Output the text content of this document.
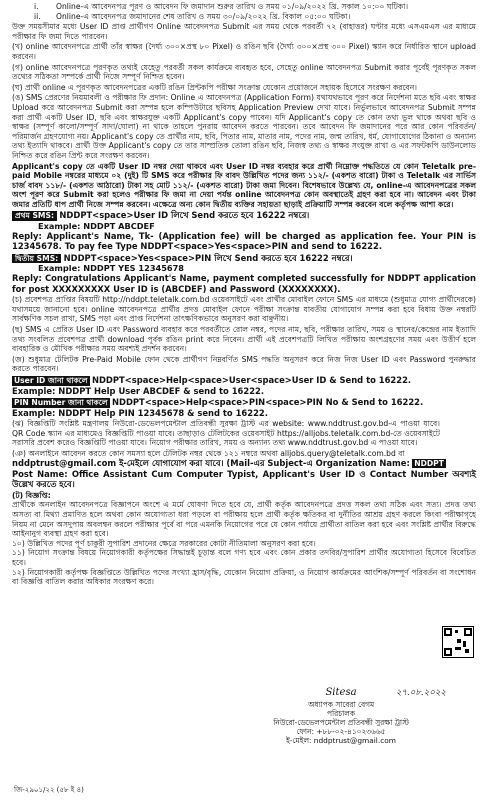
i.	Online-এ আবেদনপত্র পূরণ ও আবেদন ফি জমাদান শুরুর তারিখ ও সময় ০১/০৯/২০২২ খ্রি. সকাল ১০:০০ ঘটিকা।
ii.	Online-এ আবেদনপত্র জমাদানের শেষ তারিখ ও সময় ৩০/০৯/২০২২ খ্রি. বিকাল ০৫:০০ ঘটিকা।

উক্ত সময়সীমার মধ্যে User ID প্রাপ্ত প্রার্থীগণ Online আবেদনপত্র Submit এর সময় থেকে পরবর্তী ৭২ (বাহাত্তর) ঘণ্টার মধ্যে এসএমএস এর মাধ্যমে পরীক্ষার ফি জমা দিতে পারবেন।

(খ) online আবেদনপত্রে প্রার্থী তাঁর স্বাক্ষর (দৈর্ঘ্য ৩০০×প্রস্থ ৮০ Pixel) ও রঙিন ছবি (দৈর্ঘ্য ৩০০×প্রস্থ ৩০০ Pixel) স্ক্যান করে নির্ধারিত স্থানে upload করবেন।

(গ) online আবেদনপত্রে পূরণকৃত তথ্যই যেহেতু পরবর্তী সকল কার্যক্রমে ব্যবহৃত হবে, সেহেতু online আবেদনপত্র Submit করার পূর্বেই পূরণকৃত সকল তথ্যের সঠিকতা সম্পর্কে প্রার্থী নিজে সম্পূর্ণ নিশ্চিত হবেন।

(ঘ) প্রার্থী online এ পূরণকৃত আবেদনপত্রের একটি রঙিন প্রিন্টকপি পরীক্ষা সংক্রান্ত যেকোন প্রয়োজনে সহায়ক হিসেবে সংরক্ষণ করবেন।

(ঙ) SMS প্রেরণের নিয়মাবলী ও পরীক্ষার ফি প্রদান: Online এ আবেদনপত্র (Application Form) যথাযথভাবে পূরণ করে নির্দেশনা মতে ছবি এবং স্বাক্ষর Upload করে আবেদনপত্র Submit করা সম্পন্ন হলে কম্পিউটারে ছবিসহ Application Preview দেখা যাবে। নির্ভুলভাবে আবেদনপত্র Submit সম্পন্ন করা প্রার্থী একটি User ID, ছবি এবং স্বাক্ষরযুক্ত একটি Applicant's copy পাবেন। যদি Applicant's copy তে কোন তথ্য ভুল থাকে অথবা ছবি ও স্বাক্ষর (সম্পূর্ণ কালো/সম্পূর্ণ সাদা/ঘোলা) না থাকে তাহলে পুনরায় আবেদন করতে পারবেন। তবে আবেদন ফি জমাদানের পরে আর কোন পরিবর্তন/পরিমার্জন গ্রহণযোগ্য নয়। Applicant's copy তে প্রার্থীর নাম, ছবি, পিতার নাম, মাতার নাম, পদের নাম, জন্ম তারিখ, ধর্ম, যোগাযোগের ঠিকানা ও অন্যান্য তথ্য ইত্যাদি থাকবে। প্রার্থী উক্ত Applicant's copy তে তার সাম্প্রতিক তোলা রঙিন ছবি, নিজস্ব তথ্য ও স্বাক্ষর সংযুক্ত রাখা ও এর সফটকপি ডাউনলোড নিশ্চিত করে রঙিন প্রিন্ট করে সংরক্ষণ করবেন।

Applicant's copy তে একটি User ID নম্বর দেয়া থাকবে এবং User ID নম্বর ব্যবহার করে প্রার্থী নিম্নোক্ত পদ্ধতিতে যে কোন Teletalk pre-paid Mobile নম্বরের মাধ্যমে ০২ (দুই) টি SMS করে পরীক্ষার ফি বাবদ উল্লিখিত পদের জন্য ১১২/- (একশত বারো) টাকা ও Teletalk এর সার্ভিস চার্জ বাবদ ১১৮/- (একশত আঠারো) টাকা সহ মোট ১১২/- (একশত বারো) টাকা জমা দিবেন। বিশেষভাবে উল্লেখ্য যে, online-এ আবেদনপত্রের সকল অংশ পূরণ করে Submit করা হলেও পরীক্ষার ফি জমা না দেয়া পর্যন্ত online আবেদনপত্র কোন অবস্থাতেই গ্রহণ করা হবে না। আবেদন এবং টাকা জমার প্রতিটি ধাপ প্রার্থী নিজে সম্পন্ন করবেন। এক্ষেত্রে অন্য কোন দ্বিতীয় ব্যক্তির সহায়তা ছাড়াই প্রক্রিয়াটি সম্পন্ন করবেন বলে কর্তৃপক্ষ আশা করে।

প্রথম SMS: NDDPT<space>User ID লিখে Send করতে হবে 16222 নম্বরে।
Example: NDDPT ABCDEF

Reply: Applicant's Name, Tk- (Application fee) will be charged as application fee. Your PIN is 12345678. To pay fee Type NDDPT<space>Yes<space>PIN and send to 16222.

দ্বিতীয় SMS: NDDPT<space>Yes<space>PIN লিখে Send করতে হবে 16222 নম্বরে।
Example: NDDPT YES 12345678

Reply: Congratulations Applicant's Name, payment completed successfully for NDDPT application for post XXXXXXXXX User ID is (ABCDEF) and Password (XXXXXXXX).

(চ) প্রবেশপত্র প্রাপ্তির বিষয়টি http://nddpt.teletalk.com.bd ওয়েবসাইটে এবং প্রার্থীর মোবাইল ফোনে SMS এর মাধ্যমে (শুধুমাত্র যোগ্য প্রার্থীদেরকে) যথাসময়ে জানানো হবে। online আবেদনপত্রে প্রার্থীর প্রদত্ত মোবাইল ফোনে পরীক্ষা সংক্রান্ত যাবতীয় যোগাযোগ সম্পন্ন করা হবে বিধায় উক্ত নম্বরটি সার্বক্ষণিক সচল রাখা, SMS পড়া এবং প্রাপ্ত নির্দেশনা তাৎক্ষণিকভাবে অনুসরণ করা বাঞ্ছনীয়।

(ছ) SMS এ প্রেরিত User ID এবং Password ব্যবহার করে পরবর্তীতে রোল নম্বর, পদের নাম, ছবি, পরীক্ষার তারিখ, সময় ও স্থানের/কেন্দ্রের নাম ইত্যাদি তথ্য সংবলিত প্রবেশপত্র প্রার্থী download পূর্বক রঙিন print করে নিবেন। প্রার্থী এই প্রবেশপত্রটি লিখিত পরীক্ষায় অংশগ্রহণের সময় এবং উত্তীর্ণ হলে ব্যবহারিক ও মৌখিক পরীক্ষার সময় অবশ্যই প্রদর্শন করবেন।

(জ) শুধুমাত্র টেলিটক Pre-Paid Mobile ফোন থেকে প্রার্থীগণ নিম্নবর্ণিত SMS পদ্ধতি অনুসরণ করে নিজ নিজ User ID এবং Password পুনরুদ্ধার করতে পারবেন।

User ID জানা থাকলে NDDPT<space>Help<space>User<space>User ID & Send to 16222.
Example: NDDPT Help User ABCDEF & send to 16222.
PIN Number জানা থাকলে NDDPT<space>Help<space>PIN<space>PIN No & Send to 16222.
Example: NDDPT Help PIN 12345678 & send to 16222.

(ঝ) বিজ্ঞপ্তিটি সংশ্লিষ্ট মন্ত্রণালয় নিউরো-ডেভেলপমেন্টাল প্রতিবন্ধী সুরক্ষা ট্রাস্ট এর website: www.nddtrust.gov.bd-এ পাওয়া যাবে। QR Code স্ক্যান এর মাধ্যমেও বিজ্ঞপ্তিটি পাওয়া যাবে। তাছাড়াও টেলিটকের ওয়েবসাইট https://alljobs.teletalk.com.bd-তে ওয়েবসাইটে সরাসরি প্রবেশ করেও বিজ্ঞপ্তিটি পাওয়া যাবে। নিয়োগ পরীক্ষার তারিখ, সময় ও অন্যান্য তথ্য www.nddtrust.gov.bd এ পাওয়া যাবে।

(ঞ) অনলাইনে আবেদন করতে কোন সমস্যা হলে টেলিটক নম্বর থেকে ১২১ নম্বরে অথবা alljobs.query@teletalk.com.bd বা
nddptrust@gmail.com ই-মেইলে যোগাযোগ করা যাবে। (Mail-এর Subject-এ Organization Name: NDDPT
Post Name: Office Assistant Cum Computer Typist, Applicant's User ID ও Contact Number অবশ্যই উল্লেখ করতে হবে।
(ট) বিজ্ঞপ্তি:

প্রার্থীকে অনলাইন আবেদনপত্রে বিজ্ঞাপনে অংশে এ মর্মে ঘোষণা দিতে হবে যে, প্রার্থী কর্তৃক আবেদনপত্রে প্রদত্ত সকল তথ্য সঠিক এবং সত্য। প্রদত্ত তথ্য অসত্য বা মিথ্যা প্রমাণিত হলে অথবা কোন অযোগ্যতা ধরা পড়লে বা পরীক্ষায় হলে প্রার্থী কর্তৃক ক্ষতিকর বা দুর্নীতির আশ্রয় গ্রহণ করলে কিংবা পরীক্ষাগৃহে নিয়ম না মেনে অসদুপায় অবলম্বন করলে পরীক্ষার পূর্বে বা পরে এমনকি নিয়োগের পরে যে কোন পর্যায়ে প্রার্থীতা বাতিল করা হবে এবং সংশ্লিষ্ট প্রার্থীর বিরুদ্ধে আইনানুগ ব্যবস্থা গ্রহণ করা হবে।

১০) উল্লিখিত পদের পূর্ণ চাকুরী সুপারিশ প্রদানের ক্ষেত্রে সরকারের কোটা নীতিমালা অনুসরণ করা হবে।

১১) নিয়োগ সংক্রান্ত বিষয়ে নিয়োগকারী কর্তৃপক্ষের সিদ্ধান্তই চূড়ান্ত বলে গণ্য হবে এবং কোন প্রকার তদবির/সুপারিশ প্রার্থীর অযোগ্যতা হিসেবে বিবেচিত হবে।

১২) নিয়োগকারী কর্তৃপক্ষ বিজ্ঞপ্তিতে উল্লিখিত পদের সংখ্যা হ্রাস/বৃদ্ধি, যেকোন নিয়োগ প্রক্রিয়া, ও নিয়োগ কার্যক্রমের আংশিক/সম্পূর্ণ পরিবর্তন বা সংশোধন বা বিজ্ঞপ্তি বাতিল করার অধিকার সংরক্ষণ করে।

Sitesa	২৭.০৮.২০২২
অধ্যাপক সাবেরা বেগম
পরিচালক
নিউরো-ডেভেলপমেন্টাল প্রতিবন্ধী সুরক্ষা ট্রাস্ট
ফোন: +৮৮-০২-৪১০২৩৬৬৫
ই-মেইল: nddptrust@gmail.com
জি-২৯০১/২২ (৫৮ ই ৪)
